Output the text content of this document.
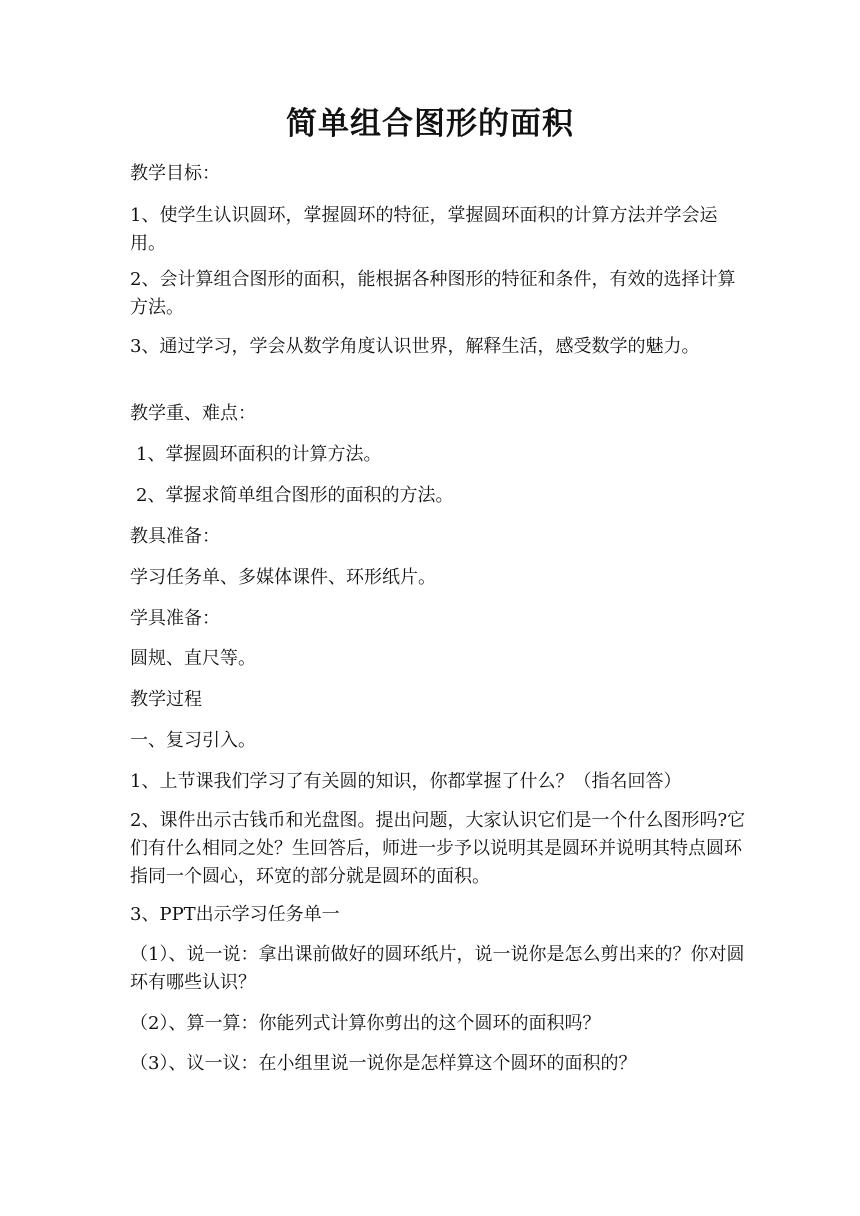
简单组合图形的面积
教学目标：
1、使学生认识圆环，掌握圆环的特征，掌握圆环面积的计算方法并学会运用。
2、会计算组合图形的面积，能根据各种图形的特征和条件，有效的选择计算方法。
3、通过学习，学会从数学角度认识世界，解释生活，感受数学的魅力。
教学重、难点：
1、掌握圆环面积的计算方法。
2、掌握求简单组合图形的面积的方法。
教具准备：
学习任务单、多媒体课件、环形纸片。
学具准备：
圆规、直尺等。
教学过程
一、复习引入。
1、上节课我们学习了有关圆的知识，你都掌握了什么？（指名回答）
2、课件出示古钱币和光盘图。提出问题，大家认识它们是一个什么图形吗?它们有什么相同之处？生回答后，师进一步予以说明其是圆环并说明其特点圆环指同一个圆心，环宽的部分就是圆环的面积。
3、PPT出示学习任务单一
（1）、说一说：拿出课前做好的圆环纸片，说一说你是怎么剪出来的？你对圆环有哪些认识？
（2）、算一算：你能列式计算你剪出的这个圆环的面积吗？
（3）、议一议：在小组里说一说你是怎样算这个圆环的面积的？
